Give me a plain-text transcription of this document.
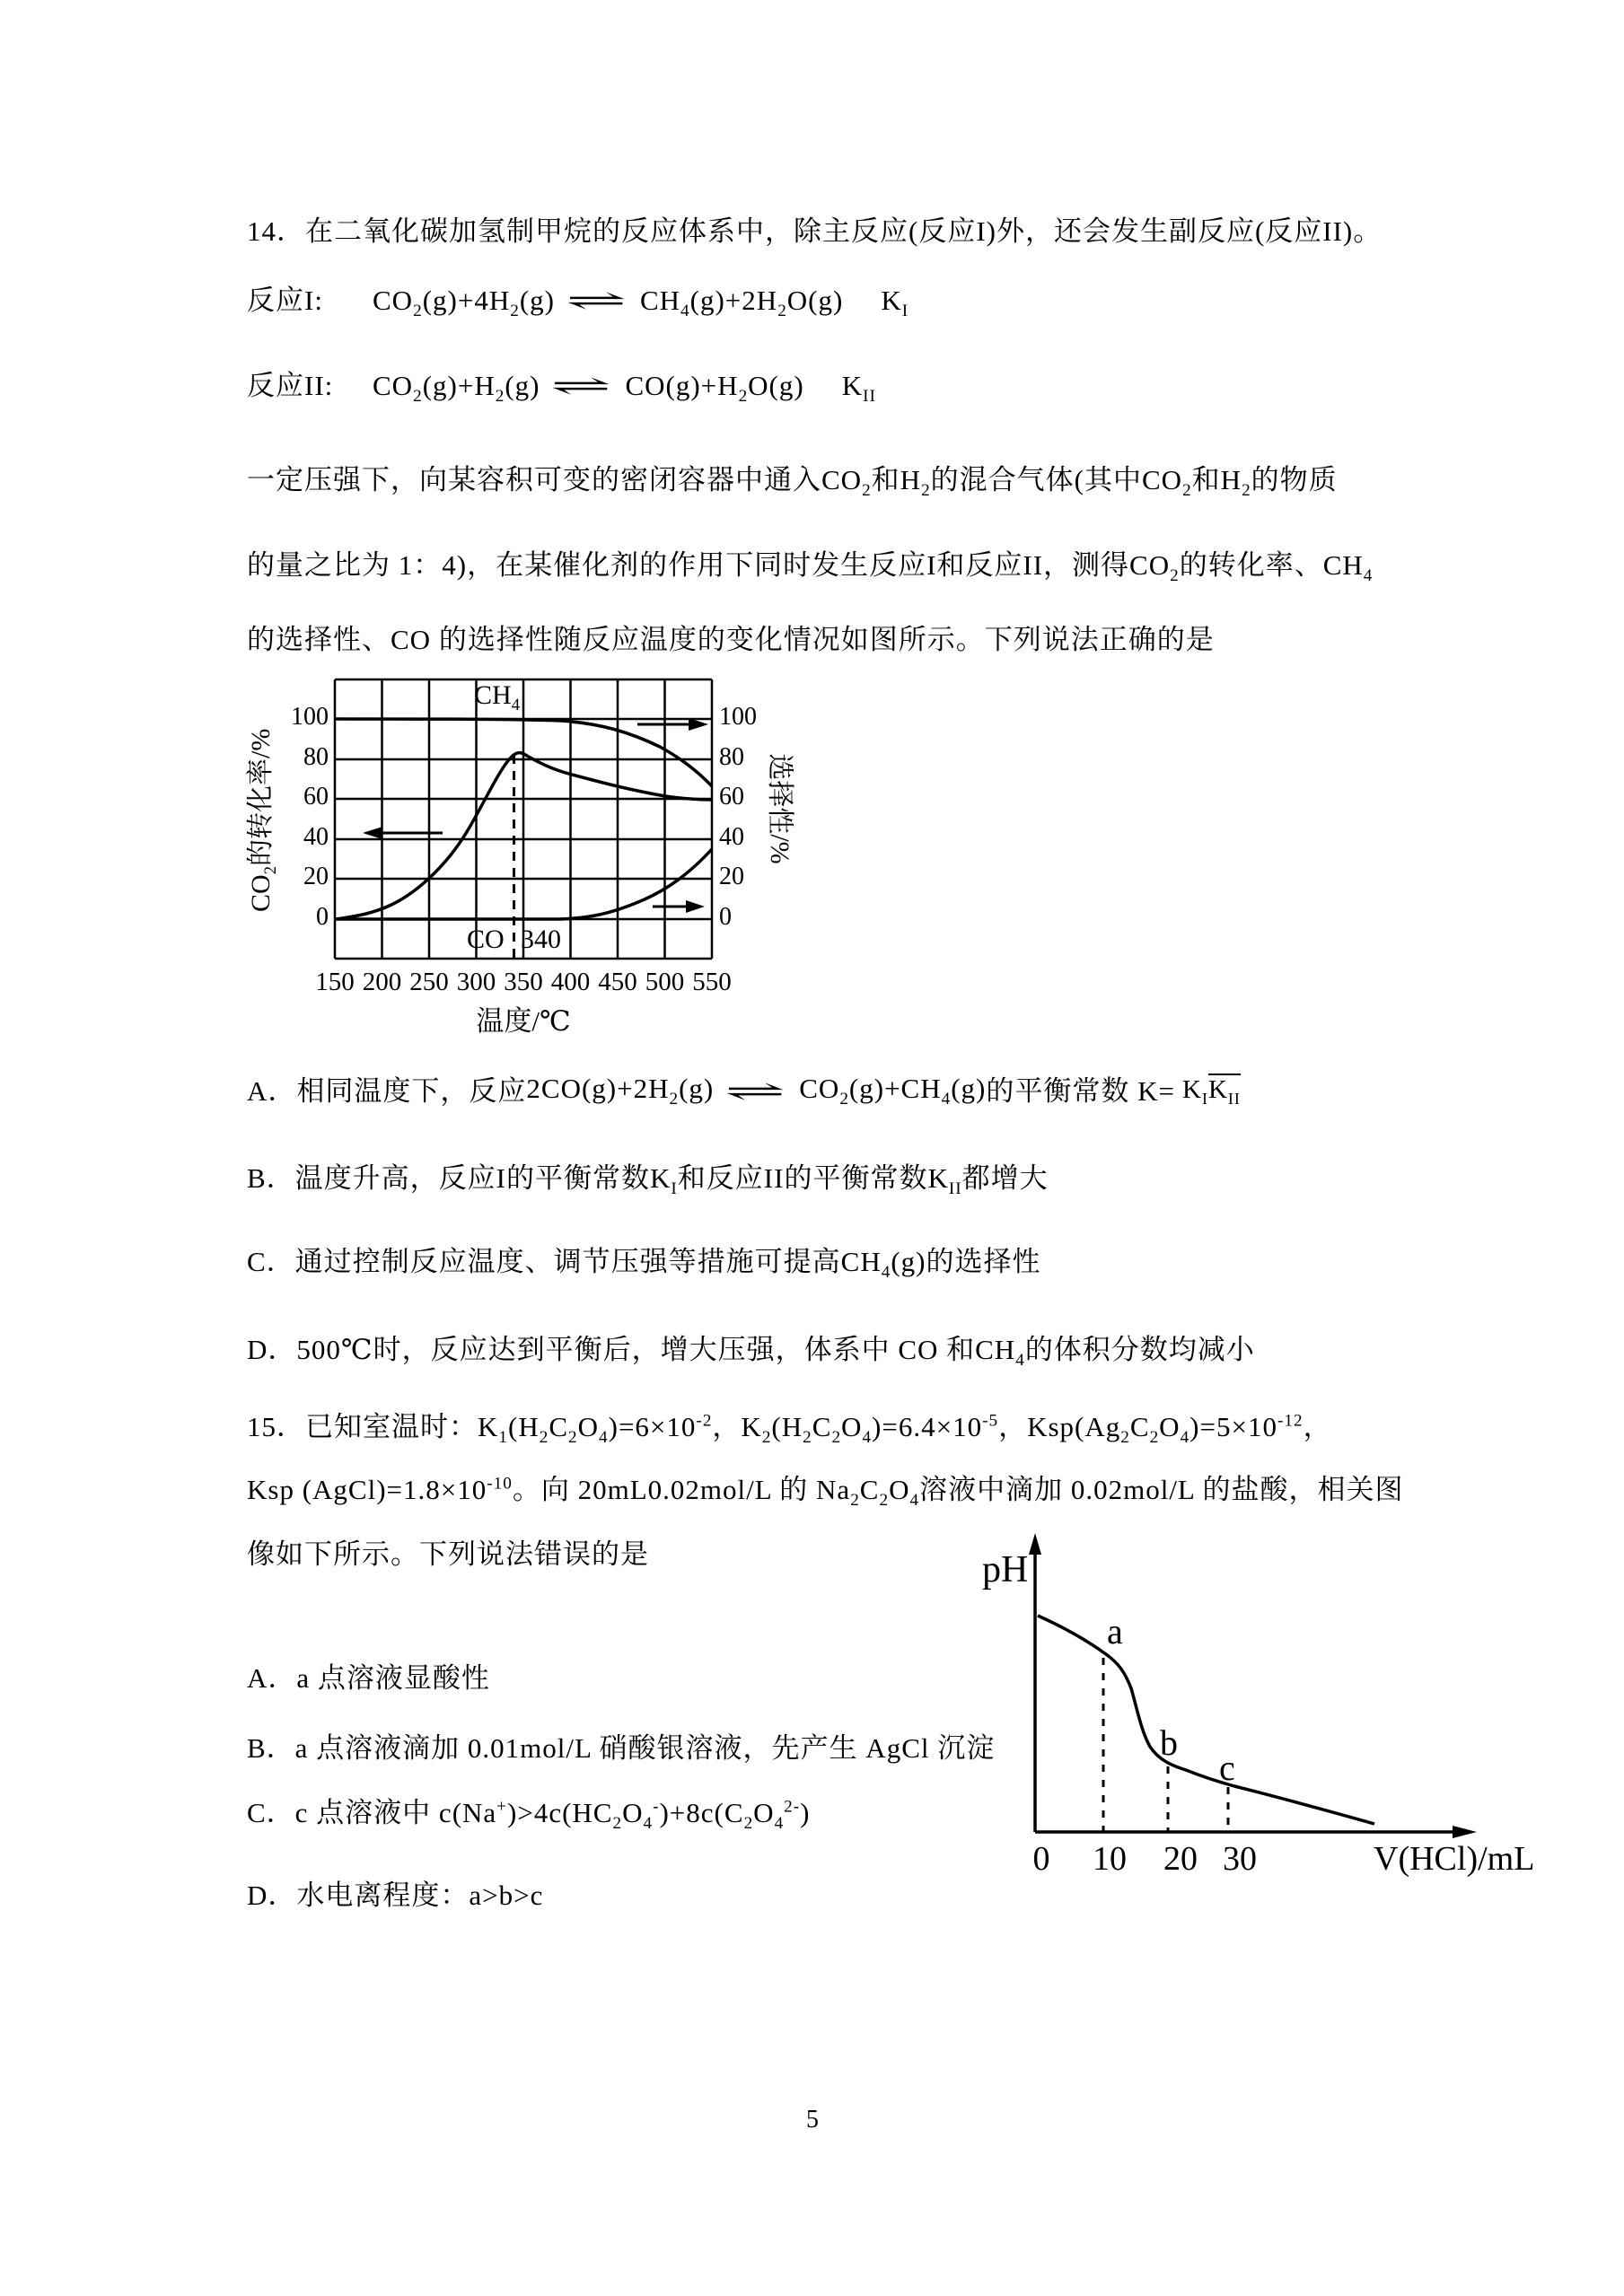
14．在二氧化碳加氢制甲烷的反应体系中，除主反应(反应I)外，还会发生副反应(反应II)。
反应I: $CO_2(g)+4H_2(g)$ ⇌ $CH_4(g)+2H_2O(g)$ $K_I$
反应II: $CO_2(g)+H_2(g)$ ⇌ $CO(g)+H_2O(g)$ $K_{II}$
一定压强下，向某容积可变的密闭容器中通入$CO_2$和$H_2$的混合气体(其中$CO_2$和$H_2$的物质
的量之比为 1：4)，在某催化剂的作用下同时发生反应I和反应II，测得$CO_2$的转化率、$CH_4$
的选择性、CO 的选择性随反应温度的变化情况如图所示。下列说法正确的是
100
80
60
40
20
0
100
80
60
40
20
0
150 200 250 300 350 400 450 500 550
$CO_2$的转化率/%	选择性/%
温度/℃
$CH_4$
CO 340
A．相同温度下，反应 $2CO(g)+2H_2(g)$ ⇌ $CO_2(g)+CH_4(g)$ 的平衡常数 $K= K_IK_{II}$
B．温度升高，反应I的平衡常数$K_I$和反应II的平衡常数$K_{II}$都增大
C．通过控制反应温度、调节压强等措施可提高$CH_4(g)$的选择性
D．500℃时，反应达到平衡后，增大压强，体系中 CO 和$CH_4$的体积分数均减小
15．已知室温时：$K_1(H_2C_2O_4)=6\times 10^{-2}$，$K_2(H_2C_2O_4)=6.4\times 10^{-5}$，$Ksp(Ag_2C_2O_4)=5\times 10^{-12}$，
Ksp $(AgCl)=1.8\times 10^{-10}$。向 20mL0.02mol/L 的 $Na_2C_2O_4$溶液中滴加 0.02mol/L 的盐酸，相关图
像如下所示。下列说法错误的是
A．a 点溶液显酸性
B．a 点溶液滴加 0.01mol/L 硝酸银溶液，先产生 AgCl 沉淀
C．c 点溶液中 $c(Na^+)>4c(HC_2O_4^-)+8c(C_2O_4^{2-})$
D．水电离程度：a>b>c
pH
V(HCl)/mL
a
b
c
0	10	20 30
5
